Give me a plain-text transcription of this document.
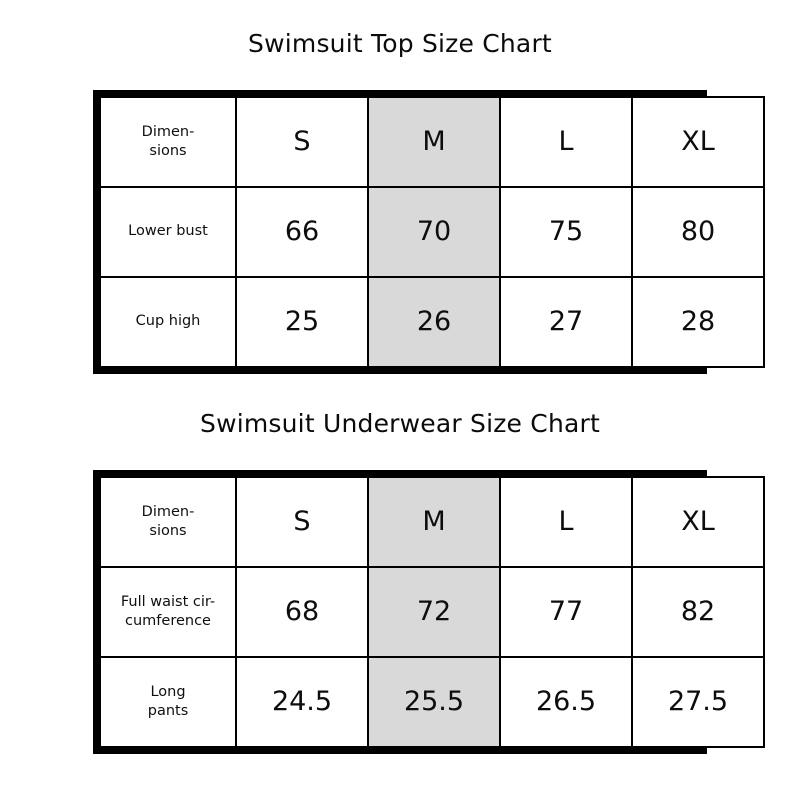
Swimsuit Top Size Chart
Dimen-
sions	S	M	L	XL

Lower bust	66	70	75	80

Cup high	25	26	27	28
Swimsuit Underwear Size Chart
Dimen-
sions	S	M	L	XL

Full waist cir-
cumference	68	72	77	82

Long
pants	24.5	25.5	26.5	27.5
